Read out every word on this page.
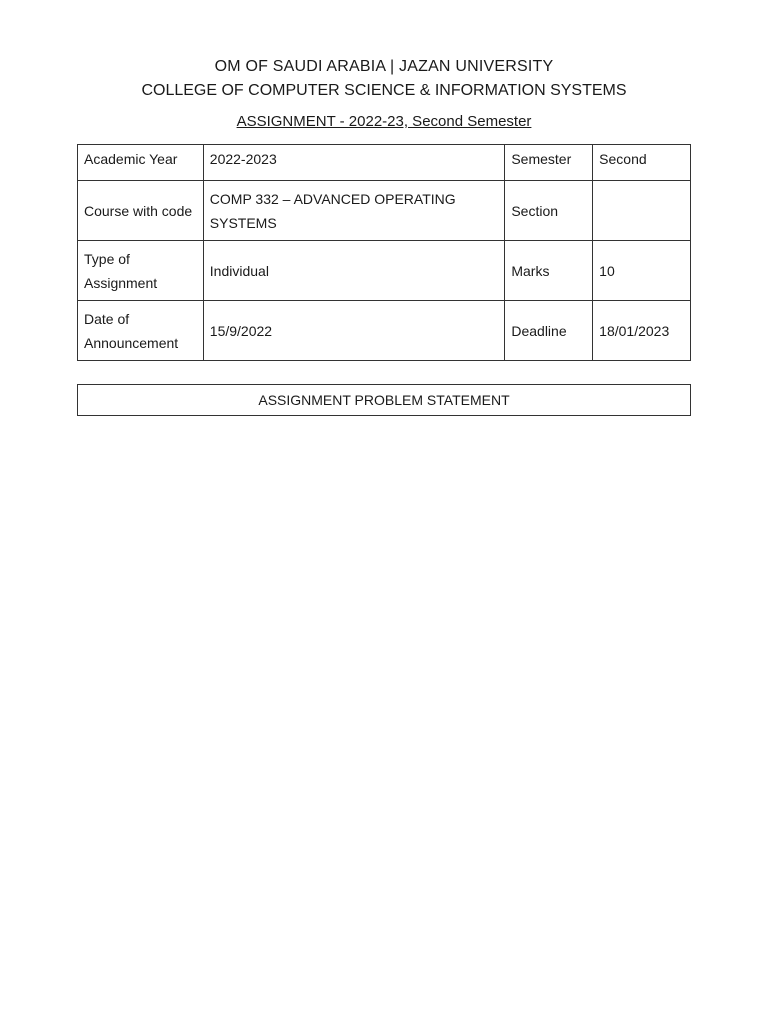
OM OF SAUDI ARABIA | JAZAN UNIVERSITY
COLLEGE OF COMPUTER SCIENCE & INFORMATION SYSTEMS
ASSIGNMENT - 2022-23, Second Semester
Academic Year	2022-2023	Semester	Second
Course with code	COMP 332 – ADVANCED OPERATING SYSTEMS	Section	
Type of Assignment	Individual	Marks	10
Date of Announcement	15/9/2022	Deadline	18/01/2023
ASSIGNMENT PROBLEM STATEMENT
